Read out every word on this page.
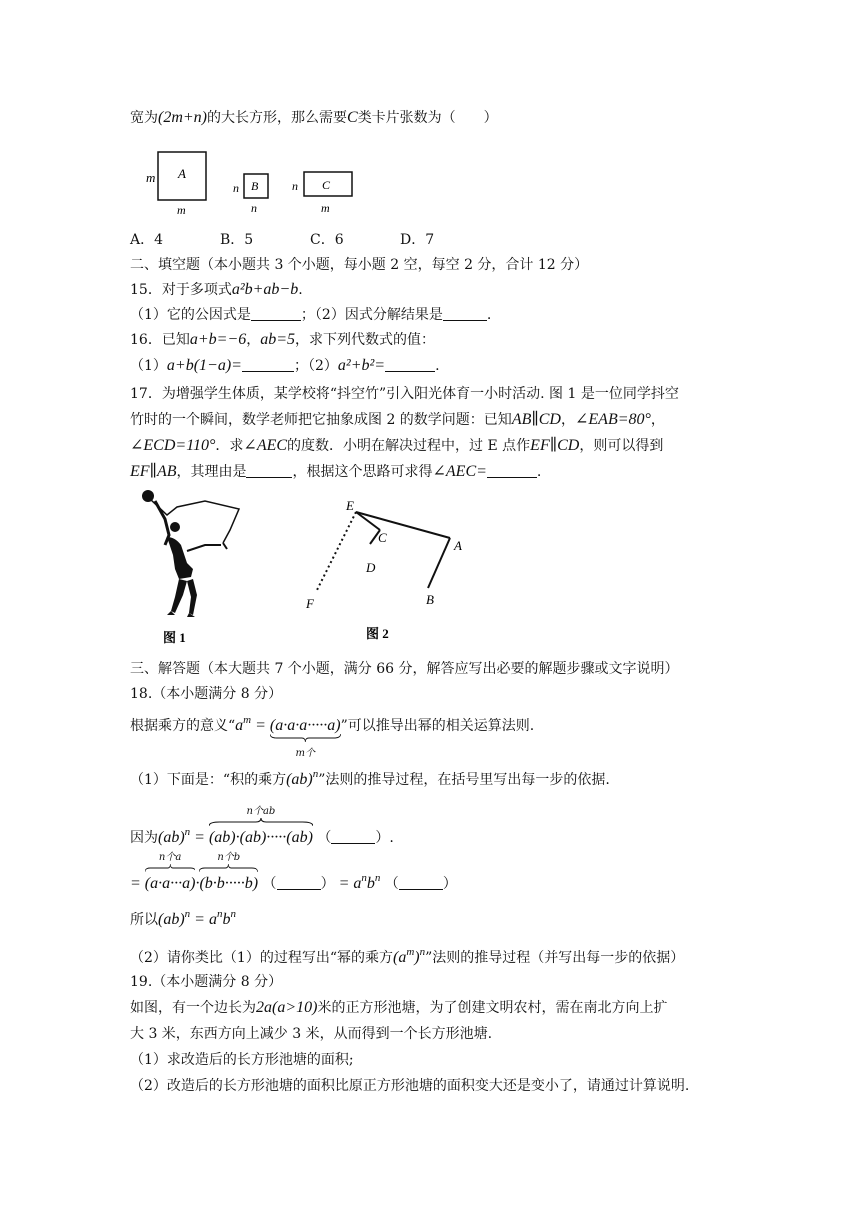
宽为(2m+n)的大长方形，那么需要C类卡片张数为（　　）
m A
m
n B
n
n C
m
A．4	B．5	C．6	D．7
二、填空题（本小题共 3 个小题，每小题 2 空，每空 2 分，合计 12 分）
15．对于多项式a²b+ab−b.
（1）它的公因式是	；（2）因式分解结果是	.
16．已知a+b=−6，ab=5，求下列代数式的值：
（1）a+b(1−a)=	；（2）a²+b²=	.
17．为增强学生体质，某学校将“抖空竹”引入阳光体育一小时活动. 图 1 是一位同学抖空
竹时的一个瞬间，数学老师把它抽象成图 2 的数学问题：已知AB∥CD，∠EAB=80°，
∠ECD=110°．求∠AEC的度数．小明在解决过程中，过 E 点作EF∥CD，则可以得到
EF∥AB，其理由是	，根据这个思路可求得∠AEC=	.
图 1
E
C
A
D
B
F
图 2
三、解答题（本大题共 7 个小题，满分 66 分，解答应写出必要的解题步骤或文字说明）
18.（本小题满分 8 分）
根据乘方的意义“$a^m = (a\cdot a\cdot a\cdot\cdot\cdot\cdot\cdot a)$
m个
”可以推导出幂的相关运算法则.
（1）下面是：“积的乘方(ab)$^n$”法则的推导过程，在括号里写出每一步的依据.
因为(ab)$^n$ =
n个ab
(ab)·(ab)·····(ab) （	）.
=
n个a
(a·a···a)·
n个b
(b·b·····b) （	） = $a^nb^n$ （	）
所以$(ab)^n = a^nb^n$
（2）请你类比（1）的过程写出“幂的乘方$(a^m)^n$”法则的推导过程（并写出每一步的依据）
19.（本小题满分 8 分）
如图，有一个边长为2a(a>10)米的正方形池塘，为了创建文明农村，需在南北方向上扩
大 3 米，东西方向上减少 3 米，从而得到一个长方形池塘.
（1）求改造后的长方形池塘的面积;
（2）改造后的长方形池塘的面积比原正方形池塘的面积变大还是变小了，请通过计算说明.
